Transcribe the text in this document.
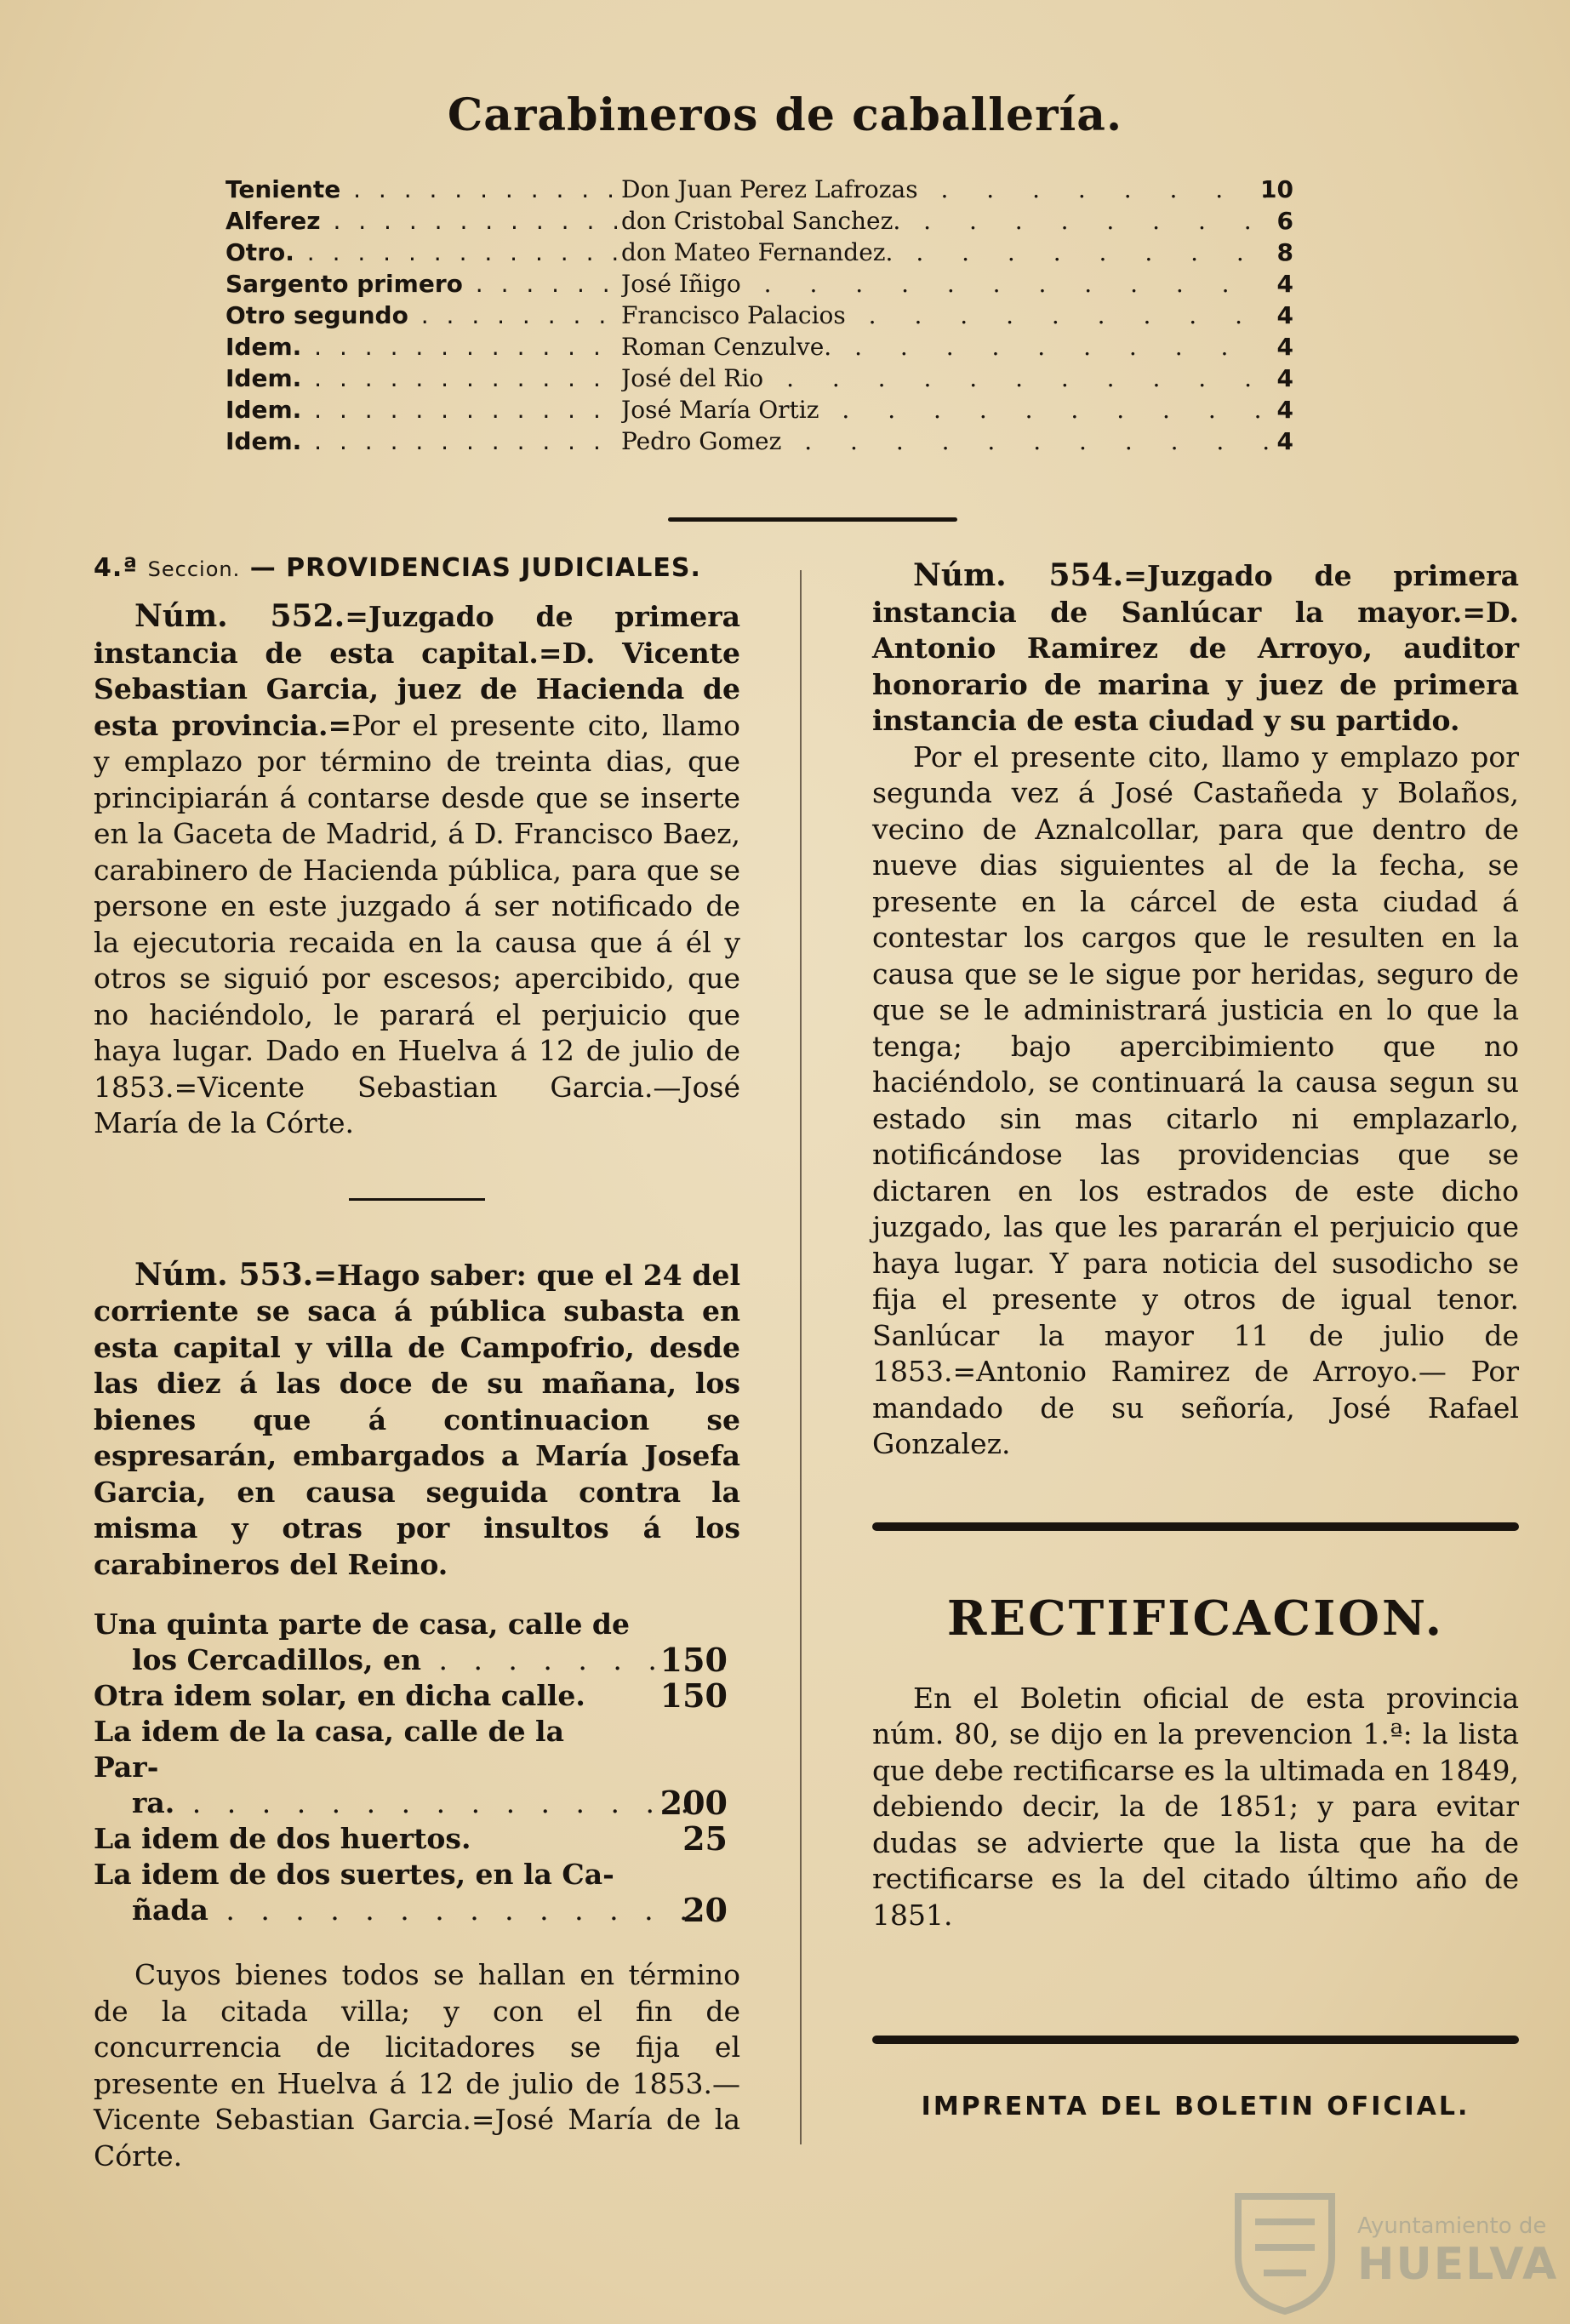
Carabineros de caballería.
Teniente . . .	Don Juan Perez Lafrozas . . .	10
Alferez . . .	don Cristobal Sanchez. . . .	6
Otro. . . .	don Mateo Fernandez. . . .	8
Sargento primero . . .	José Iñigo . . .	4
Otro segundo . . .	Francisco Palacios . . .	4
Idem. . . .	Roman Cenzulve. . . .	4
Idem. . . .	José del Rio . . .	4
Idem. . . .	José María Ortiz . . .	4
Idem. . . .	Pedro Gomez . . .	4
4.ª Seccion. — PROVIDENCIAS JUDICIALES.

Núm. 552.=Juzgado de primera instancia de esta capital.=D. Vicente Sebastian Garcia, juez de Hacienda de esta provincia.=Por el presente cito, llamo y emplazo por término de treinta dias, que principiarán á contarse desde que se inserte en la Gaceta de Madrid, á D. Francisco Baez, carabinero de Hacienda pública, para que se persone en este juzgado á ser notificado de la ejecutoria recaida en la causa que á él y otros se siguió por escesos; apercibido, que no haciéndolo, le parará el perjuicio que haya lugar. Dado en Huelva á 12 de julio de 1853.=Vicente Sebastian Garcia.—José María de la Córte.

Núm. 553.=Hago saber: que el 24 del corriente se saca á pública subasta en esta capital y villa de Campofrio, desde las diez á las doce de su mañana, los bienes que á continuacion se espresarán, embargados a María Josefa Garcia, en causa seguida contra la misma y otras por insultos á los carabineros del Reino.

Una quinta parte de casa, calle de
los Cercadillos, en . . .	150
Otra idem solar, en dicha calle.	150
La idem de la casa, calle de la Par-
ra. . . .	200
La idem de dos huertos.	25
La idem de dos suertes, en la Ca-
ñada . . .	20

Cuyos bienes todos se hallan en término de la citada villa; y con el fin de concurrencia de licitadores se fija el presente en Huelva á 12 de julio de 1853.—Vicente Sebastian Garcia.=José María de la Córte.

Núm. 554.=Juzgado de primera instancia de Sanlúcar la mayor.=D. Antonio Ramirez de Arroyo, auditor honorario de marina y juez de primera instancia de esta ciudad y su partido.

Por el presente cito, llamo y emplazo por segunda vez á José Castañeda y Bolaños, vecino de Aznalcollar, para que dentro de nueve dias siguientes al de la fecha, se presente en la cárcel de esta ciudad á contestar los cargos que le resulten en la causa que se le sigue por heridas, seguro de que se le administrará justicia en lo que la tenga; bajo apercibimiento que no haciéndolo, se continuará la causa segun su estado sin mas citarlo ni emplazarlo, notificándose las providencias que se dictaren en los estrados de este dicho juzgado, las que les pararán el perjuicio que haya lugar. Y para noticia del susodicho se fija el presente y otros de igual tenor. Sanlúcar la mayor 11 de julio de 1853.=Antonio Ramirez de Arroyo.— Por mandado de su señoría, José Rafael Gonzalez.

RECTIFICACION.

En el Boletin oficial de esta provincia núm. 80, se dijo en la prevencion 1.ª: la lista que debe rectificarse es la ultimada en 1849, debiendo decir, la de 1851; y para evitar dudas se advierte que la lista que ha de rectificarse es la del citado último año de 1851.

IMPRENTA DEL BOLETIN OFICIAL.
Ayuntamiento de
HUELVA
